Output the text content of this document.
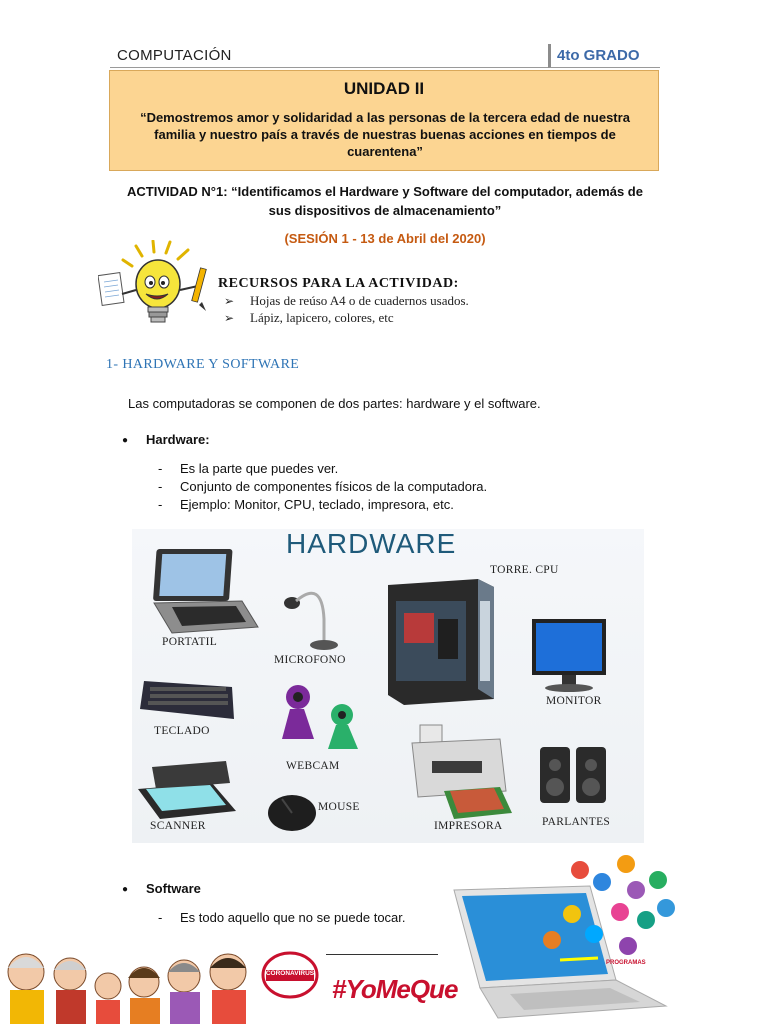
COMPUTACIÓN	4to GRADO
UNIDAD II
“Demostremos amor y solidaridad a las personas de la tercera edad de nuestra familia y nuestro país a través de nuestras buenas acciones en tiempos de cuarentena”
ACTIVIDAD N°1: “Identificamos el Hardware y Software del computador, además de
sus dispositivos de almacenamiento”
(SESIÓN 1 - 13 de Abril del 2020)
RECURSOS PARA LA ACTIVIDAD:
➢ Hojas de reúso A4 o de cuadernos usados.
➢ Lápiz, lapicero, colores, etc
1- HARDWARE Y SOFTWARE
Las computadoras se componen de dos partes: hardware y el software.
● Hardware:
- Es la parte que puedes ver.
- Conjunto de componentes físicos de la computadora.
- Ejemplo: Monitor, CPU, teclado, impresora, etc.
HARDWARE
PORTATIL
MICROFONO
TORRE. CPU
MONITOR
TECLADO
WEBCAM
SCANNER
MOUSE
IMPRESORA	PARLANTES
● Software
- Es todo aquello que no se puede tocar.
PROGRAMAS
CORONAVIRUS
#YoMeQue
